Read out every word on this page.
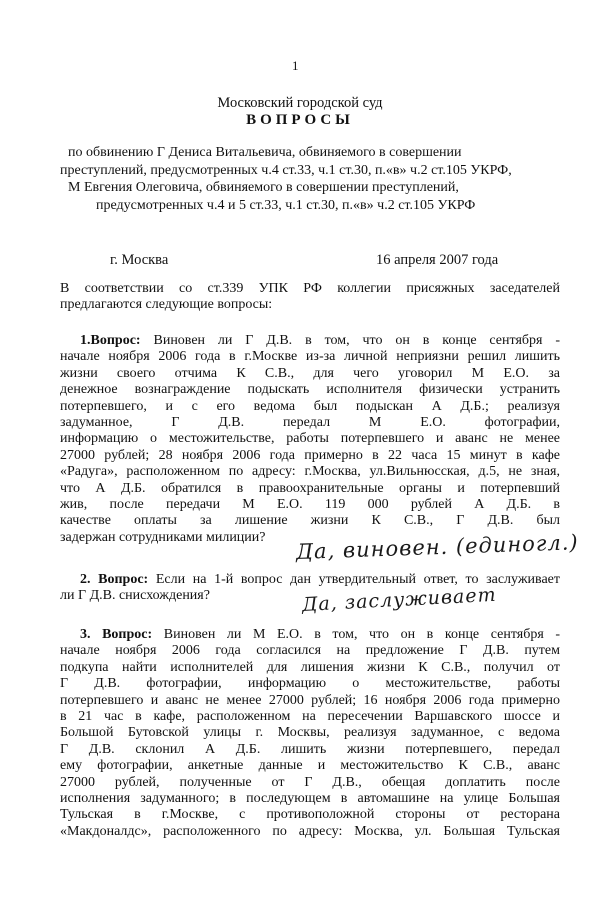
1
Московский городской суд
ВОПРОСЫ
по обвинению Г Дениса Витальевича, обвиняемого в совершении
преступлений, предусмотренных ч.4 ст.33, ч.1 ст.30, п.«в» ч.2 ст.105 УКРФ,
М Евгения Олеговича, обвиняемого в совершении преступлений,
предусмотренных ч.4 и 5 ст.33, ч.1 ст.30, п.«в» ч.2 ст.105 УКРФ
г. Москва	16 апреля 2007 года
В соответствии со ст.339 УПК РФ коллегии присяжных заседателей
предлагаются следующие вопросы:
1.Вопрос: Виновен ли Г Д.В. в том, что он в конце сентября -
начале ноября 2006 года в г.Москве из-за личной неприязни решил лишить
жизни своего отчима К С.В., для чего уговорил М Е.О. за
денежное вознаграждение подыскать исполнителя физически устранить
потерпевшего, и с его ведома был подыскан А Д.Б.; реализуя
задуманное, Г Д.В. передал М Е.О. фотографии,
информацию о местожительстве, работы потерпевшего и аванс не менее
27000 рублей; 28 ноября 2006 года примерно в 22 часа 15 минут в кафе
«Радуга», расположенном по адресу: г.Москва, ул.Вильнюсская, д.5, не зная,
что А Д.Б. обратился в правоохранительные органы и потерпевший
жив, после передачи М Е.О. 119 000 рублей А Д.Б. в
качестве оплаты за лишение жизни К С.В., Г Д.В. был
задержан сотрудниками милиции?	Да, виновен. (единогл.)
2. Вопрос: Если на 1-й вопрос дан утвердительный ответ, то заслуживает
ли Г Д.В. снисхождения?	Да, заслуживает
3. Вопрос: Виновен ли М Е.О. в том, что он в конце сентября -
начале ноября 2006 года согласился на предложение Г Д.В. путем
подкупа найти исполнителей для лишения жизни К С.В., получил от
Г Д.В. фотографии, информацию о местожительстве, работы
потерпевшего и аванс не менее 27000 рублей; 16 ноября 2006 года примерно
в 21 час в кафе, расположенном на пересечении Варшавского шоссе и
Большой Бутовской улицы г. Москвы, реализуя задуманное, с ведома
Г Д.В. склонил А Д.Б. лишить жизни потерпевшего, передал
ему фотографии, анкетные данные и местожительство К С.В., аванс
27000 рублей, полученные от Г Д.В., обещая доплатить после
исполнения задуманного; в последующем в автомашине на улице Большая
Тульская в г.Москве, с противоположной стороны от ресторана
«Макдоналдс», расположенного по адресу: Москва, ул. Большая Тульская
